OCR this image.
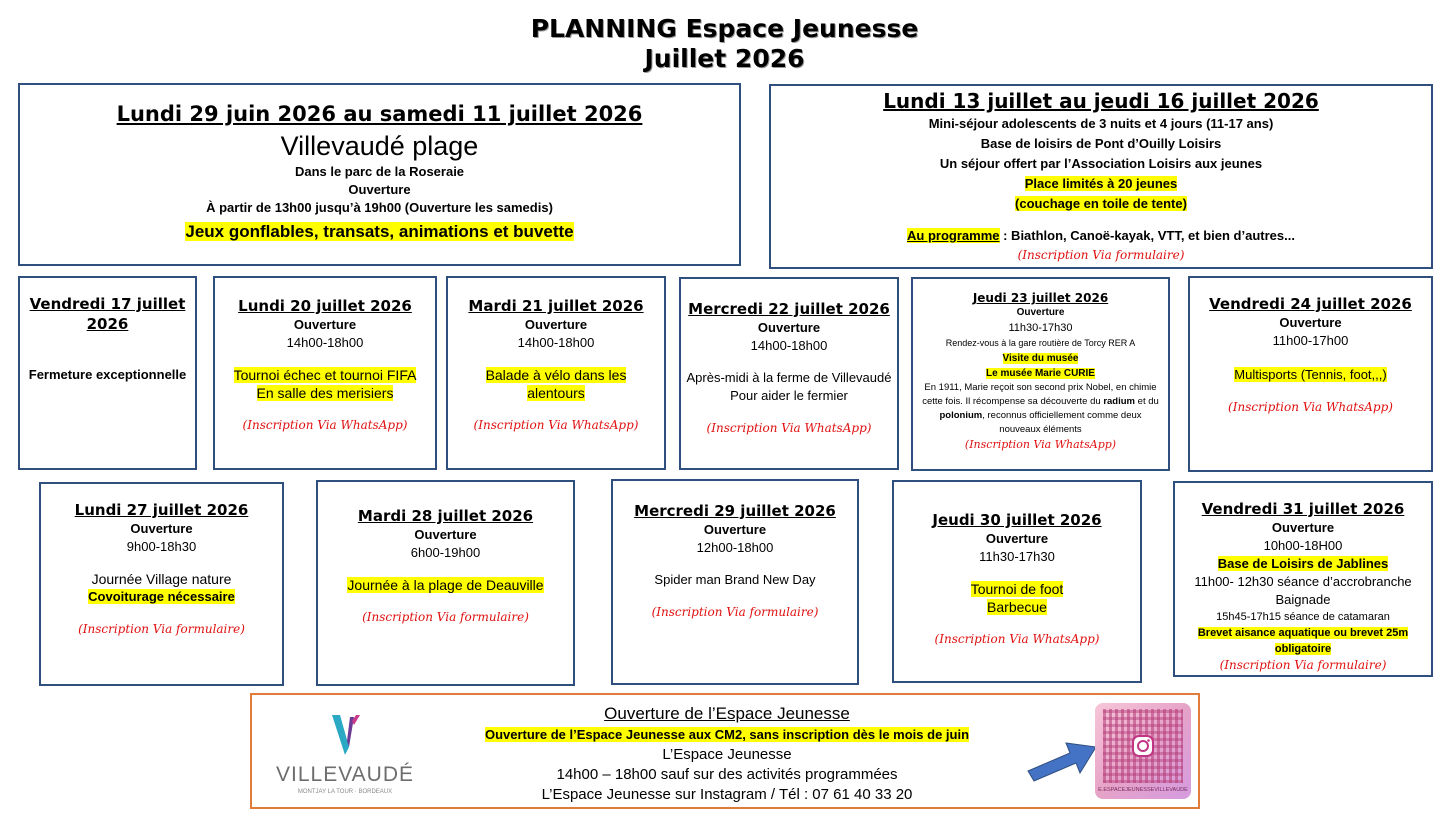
PLANNING Espace Jeunesse
Juillet 2026
Lundi 29 juin 2026 au samedi 11 juillet 2026
Villevaudé plage
Dans le parc de la Roseraie
Ouverture
À partir de 13h00 jusqu’à 19h00 (Ouverture les samedis)
Jeux gonflables, transats, animations et buvette
Lundi 13 juillet au jeudi 16 juillet 2026
Mini-séjour adolescents de 3 nuits et 4 jours (11-17 ans)
Base de loisirs de Pont d’Ouilly Loisirs
Un séjour offert par l’Association Loisirs aux jeunes
Place limités à 20 jeunes
(couchage en toile de tente)
Au programme : Biathlon, Canoë-kayak, VTT, et bien d’autres...
(Inscription Via formulaire)
Vendredi 17 juillet 2026
Fermeture exceptionnelle
Lundi 20 juillet 2026
Ouverture
14h00-18h00
Tournoi échec et tournoi FIFA
En salle des merisiers
(Inscription Via WhatsApp)
Mardi 21 juillet 2026
Ouverture
14h00-18h00
Balade à vélo dans les
alentours
(Inscription Via WhatsApp)
Mercredi 22 juillet 2026
Ouverture
14h00-18h00
Après-midi à la ferme de Villevaudé
Pour aider le fermier
(Inscription Via WhatsApp)
Jeudi 23 juillet 2026
Ouverture
11h30-17h30
Rendez-vous à la gare routière de Torcy RER A
Visite du musée
Le musée Marie CURIE
En 1911, Marie reçoit son second prix Nobel, en chimie cette fois. Il récompense sa découverte du radium et du polonium, reconnus officiellement comme deux nouveaux éléments
(Inscription Via WhatsApp)
Vendredi 24 juillet 2026
Ouverture
11h00-17h00
Multisports (Tennis, foot,,,)
(Inscription Via WhatsApp)
Lundi 27 juillet 2026
Ouverture
9h00-18h30
Journée Village nature
Covoiturage nécessaire
(Inscription Via formulaire)
Mardi 28 juillet 2026
Ouverture
6h00-19h00
Journée à la plage de Deauville
(Inscription Via formulaire)
Mercredi 29 juillet 2026
Ouverture
12h00-18h00
Spider man Brand New Day
(Inscription Via formulaire)
Jeudi 30 juillet 2026
Ouverture
11h30-17h30
Tournoi de foot
Barbecue
(Inscription Via WhatsApp)
Vendredi 31 juillet 2026
Ouverture
10h00-18H00
Base de Loisirs de Jablines
11h00- 12h30 séance d’accrobranche
Baignade
15h45-17h15 séance de catamaran
Brevet aisance aquatique ou brevet 25m obligatoire
(Inscription Via formulaire)
VILLEVAUDÉ
MONTJAY LA TOUR · BORDEAUX
Ouverture de l’Espace Jeunesse
Ouverture de l’Espace Jeunesse aux CM2, sans inscription dès le mois de juin
L’Espace Jeunesse
14h00 – 18h00 sauf sur des activités programmées
L’Espace Jeunesse sur Instagram / Tél : 07 61 40 33 20	E.ESPACEJEUNESSEVILLEVAUDE
